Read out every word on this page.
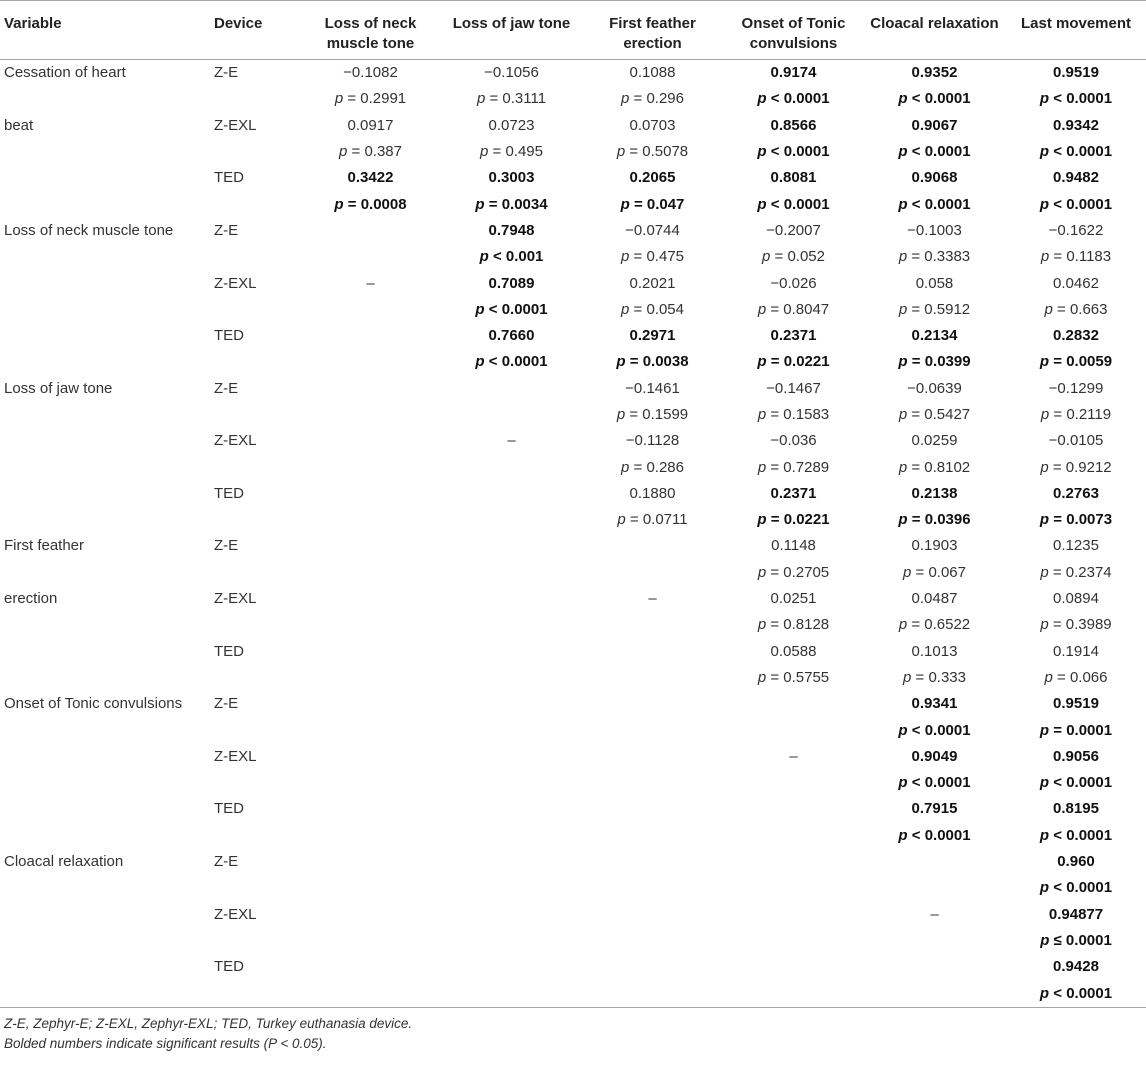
Variable	Device	Loss of neck muscle tone	Loss of jaw tone	First feather erection	Onset of Tonic convulsions	Cloacal relaxation	Last movement
Cessation of heart	Z-E	−0.1082	−0.1056	0.1088	0.9174	0.9352	0.9519
		p = 0.2991	p = 0.3111	p = 0.296	p < 0.0001	p < 0.0001	p < 0.0001
beat	Z-EXL	0.0917	0.0723	0.0703	0.8566	0.9067	0.9342
		p = 0.387	p = 0.495	p = 0.5078	p < 0.0001	p < 0.0001	p < 0.0001
	TED	0.3422	0.3003	0.2065	0.8081	0.9068	0.9482
		p = 0.0008	p = 0.0034	p = 0.047	p < 0.0001	p < 0.0001	p < 0.0001
Loss of neck muscle tone	Z-E		0.7948	−0.0744	−0.2007	−0.1003	−0.1622
			p < 0.001	p = 0.475	p = 0.052	p = 0.3383	p = 0.1183
	Z-EXL	–	0.7089	0.2021	−0.026	0.058	0.0462
			p < 0.0001	p = 0.054	p = 0.8047	p = 0.5912	p = 0.663
	TED		0.7660	0.2971	0.2371	0.2134	0.2832
			p < 0.0001	p = 0.0038	p = 0.0221	p = 0.0399	p = 0.0059
Loss of jaw tone	Z-E			−0.1461	−0.1467	−0.0639	−0.1299
				p = 0.1599	p = 0.1583	p = 0.5427	p = 0.2119
	Z-EXL		–	−0.1128	−0.036	0.0259	−0.0105
				p = 0.286	p = 0.7289	p = 0.8102	p = 0.9212
	TED			0.1880	0.2371	0.2138	0.2763
				p = 0.0711	p = 0.0221	p = 0.0396	p = 0.0073
First feather	Z-E				0.1148	0.1903	0.1235
					p = 0.2705	p = 0.067	p = 0.2374
erection	Z-EXL			–	0.0251	0.0487	0.0894
					p = 0.8128	p = 0.6522	p = 0.3989
	TED				0.0588	0.1013	0.1914
					p = 0.5755	p = 0.333	p = 0.066
Onset of Tonic convulsions	Z-E					0.9341	0.9519
						p < 0.0001	p = 0.0001
	Z-EXL				–	0.9049	0.9056
						p < 0.0001	p < 0.0001
	TED					0.7915	0.8195
						p < 0.0001	p < 0.0001
Cloacal relaxation	Z-E						0.960
							p < 0.0001
	Z-EXL					–	0.94877
							p ≤ 0.0001
	TED						0.9428
							p < 0.0001
Z-E, Zephyr-E; Z-EXL, Zephyr-EXL; TED, Turkey euthanasia device.
Bolded numbers indicate significant results (P < 0.05).
